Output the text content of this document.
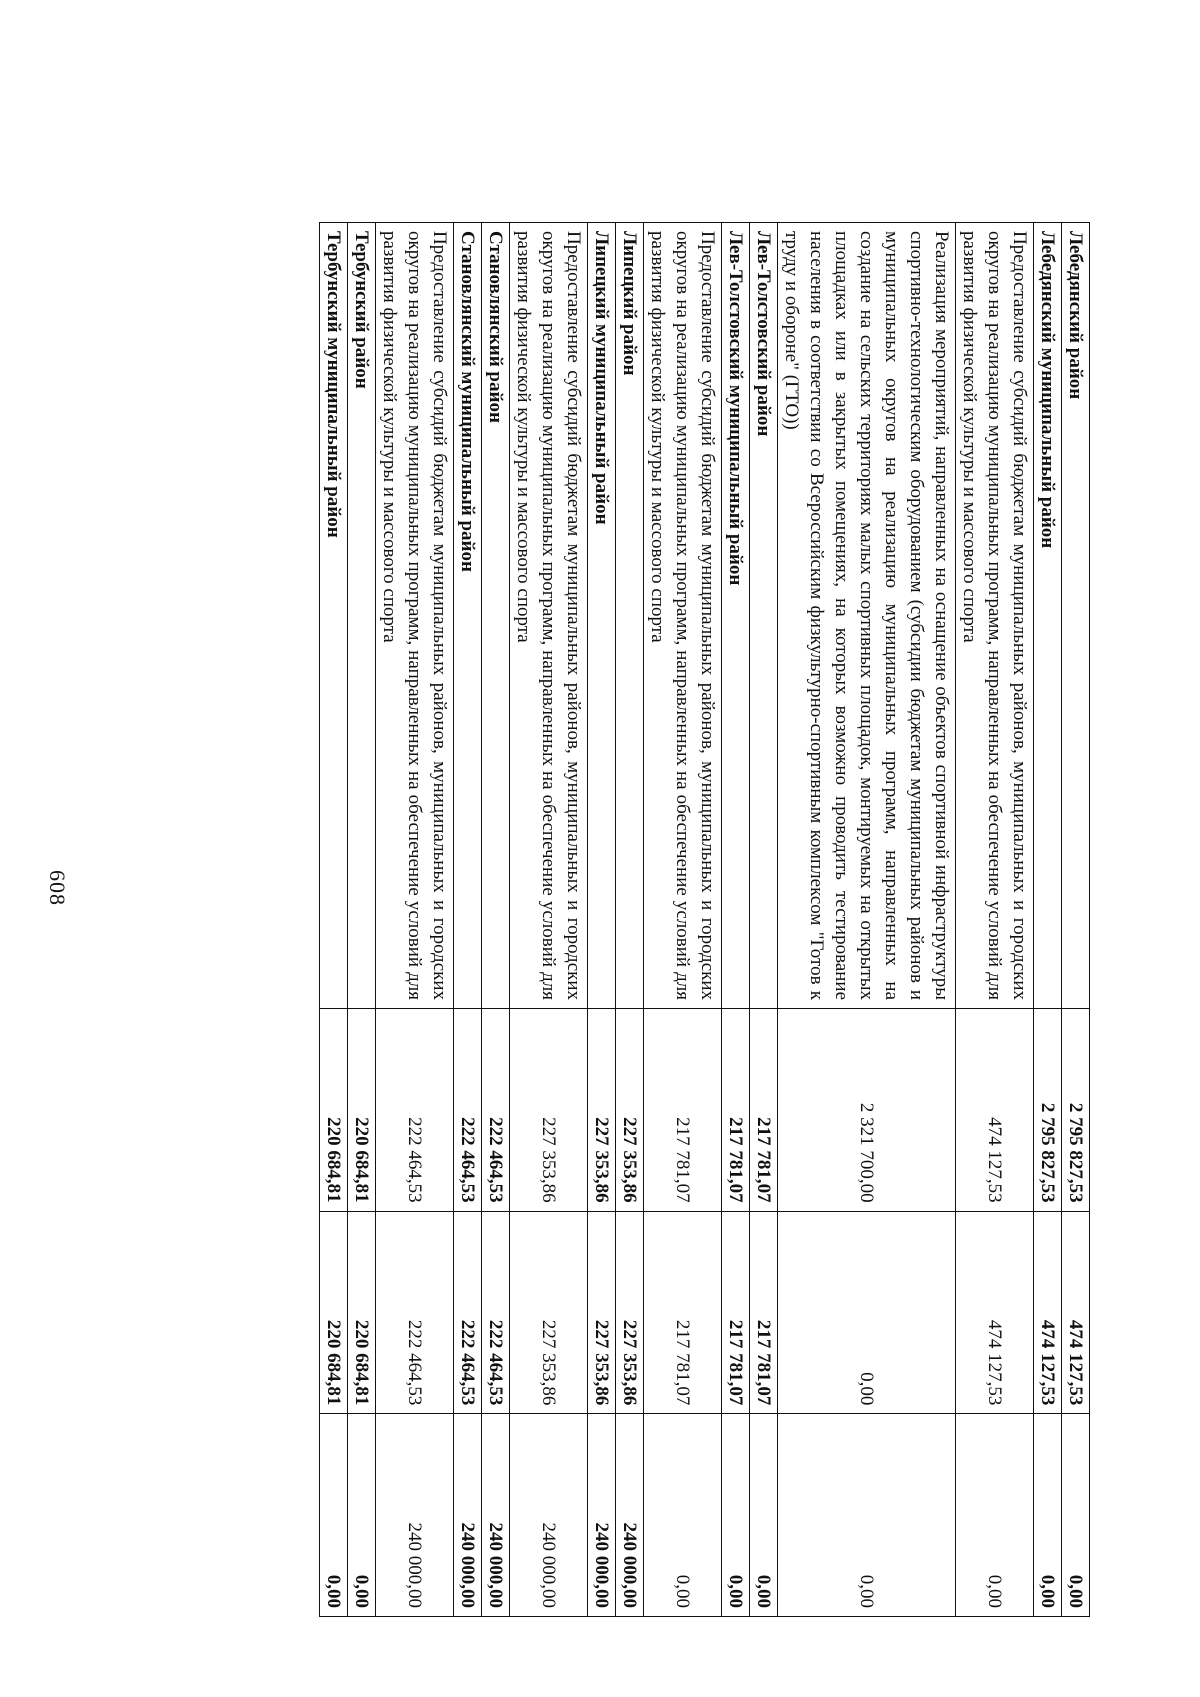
608
Лебедянский район	2 795 827,53	474 127,53	0,00
Лебедянский муниципальный район	2 795 827,53	474 127,53	0,00
Предоставление субсидий бюджетам муниципальных районов, муниципальных и городских округов на реализацию муниципальных программ, направленных на обеспечение условий для развития физической культуры и массового спорта	474 127,53	474 127,53	0,00
Реализация мероприятий, направленных на оснащение объектов спортивной инфраструктуры спортивно-технологическим оборудованием (субсидии бюджетам муниципальных районов и муниципальных округов на реализацию муниципальных программ, направленных на создание на сельских территориях малых спортивных площадок, монтируемых на открытых площадках или в закрытых помещениях, на которых возможно проводить тестирование населения в соответствии со Всероссийским физкультурно-спортивным комплексом "Готов к труду и обороне" (ГТО))	2 321 700,00	0,00	0,00
Лев-Толстовский район	217 781,07	217 781,07	0,00
Лев-Толстовский муниципальный район	217 781,07	217 781,07	0,00
Предоставление субсидий бюджетам муниципальных районов, муниципальных и городских округов на реализацию муниципальных программ, направленных на обеспечение условий для развития физической культуры и массового спорта	217 781,07	217 781,07	0,00
Липецкий район	227 353,86	227 353,86	240 000,00
Липецкий муниципальный район	227 353,86	227 353,86	240 000,00
Предоставление субсидий бюджетам муниципальных районов, муниципальных и городских округов на реализацию муниципальных программ, направленных на обеспечение условий для развития физической культуры и массового спорта	227 353,86	227 353,86	240 000,00
Становлянский район	222 464,53	222 464,53	240 000,00
Становлянский муниципальный район	222 464,53	222 464,53	240 000,00
Предоставление субсидий бюджетам муниципальных районов, муниципальных и городских округов на реализацию муниципальных программ, направленных на обеспечение условий для развития физической культуры и массового спорта	222 464,53	222 464,53	240 000,00
Тербунский район	220 684,81	220 684,81	0,00
Тербунский муниципальный район	220 684,81	220 684,81	0,00
